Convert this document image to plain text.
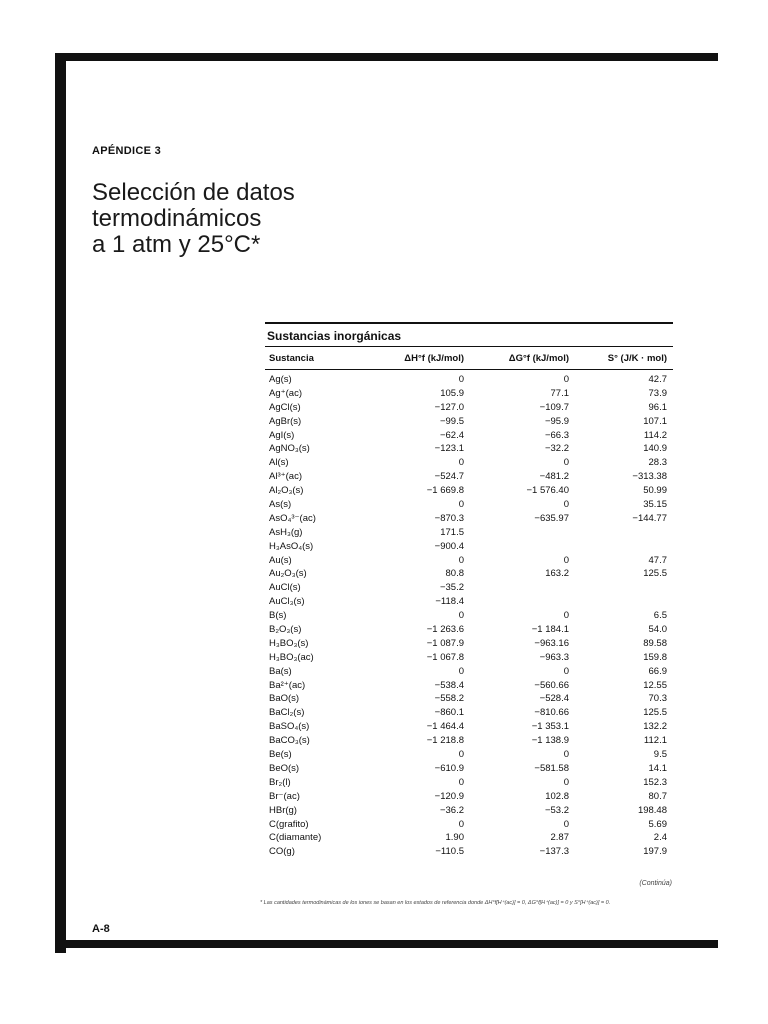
APÉNDICE 3
Selección de datos
termodinámicos
a 1 atm y 25°C*
Sustancias inorgánicas
Sustancia	ΔH°f (kJ/mol)	ΔG°f (kJ/mol)	S° (J/K · mol)
Ag(s)	0	0	42.7
Ag⁺(ac)	105.9	77.1	73.9
AgCl(s)	−127.0	−109.7	96.1
AgBr(s)	−99.5	−95.9	107.1
AgI(s)	−62.4	−66.3	114.2
AgNO₃(s)	−123.1	−32.2	140.9
Al(s)	0	0	28.3
Al³⁺(ac)	−524.7	−481.2	−313.38
Al₂O₃(s)	−1 669.8	−1 576.40	50.99
As(s)	0	0	35.15
AsO₄³⁻(ac)	−870.3	−635.97	−144.77
AsH₃(g)	171.5
H₃AsO₄(s)	−900.4
Au(s)	0	0	47.7
Au₂O₃(s)	80.8	163.2	125.5
AuCl(s)	−35.2
AuCl₃(s)	−118.4
B(s)	0	0	6.5
B₂O₃(s)	−1 263.6	−1 184.1	54.0
H₃BO₃(s)	−1 087.9	−963.16	89.58
H₃BO₃(ac)	−1 067.8	−963.3	159.8
Ba(s)	0	0	66.9
Ba²⁺(ac)	−538.4	−560.66	12.55
BaO(s)	−558.2	−528.4	70.3
BaCl₂(s)	−860.1	−810.66	125.5
BaSO₄(s)	−1 464.4	−1 353.1	132.2
BaCO₃(s)	−1 218.8	−1 138.9	112.1
Be(s)	0	0	9.5
BeO(s)	−610.9	−581.58	14.1
Br₂(l)	0	0	152.3
Br⁻(ac)	−120.9	102.8	80.7
HBr(g)	−36.2	−53.2	198.48
C(grafito)	0	0	5.69
C(diamante)	1.90	2.87	2.4
CO(g)	−110.5	−137.3	197.9
(Continúa)
* Las cantidades termodinámicas de los iones se basan en los estados de referencia donde ΔH°f[H⁺(ac)] = 0, ΔG°f[H⁺(ac)] = 0 y S°[H⁺(ac)] = 0.
A-8
